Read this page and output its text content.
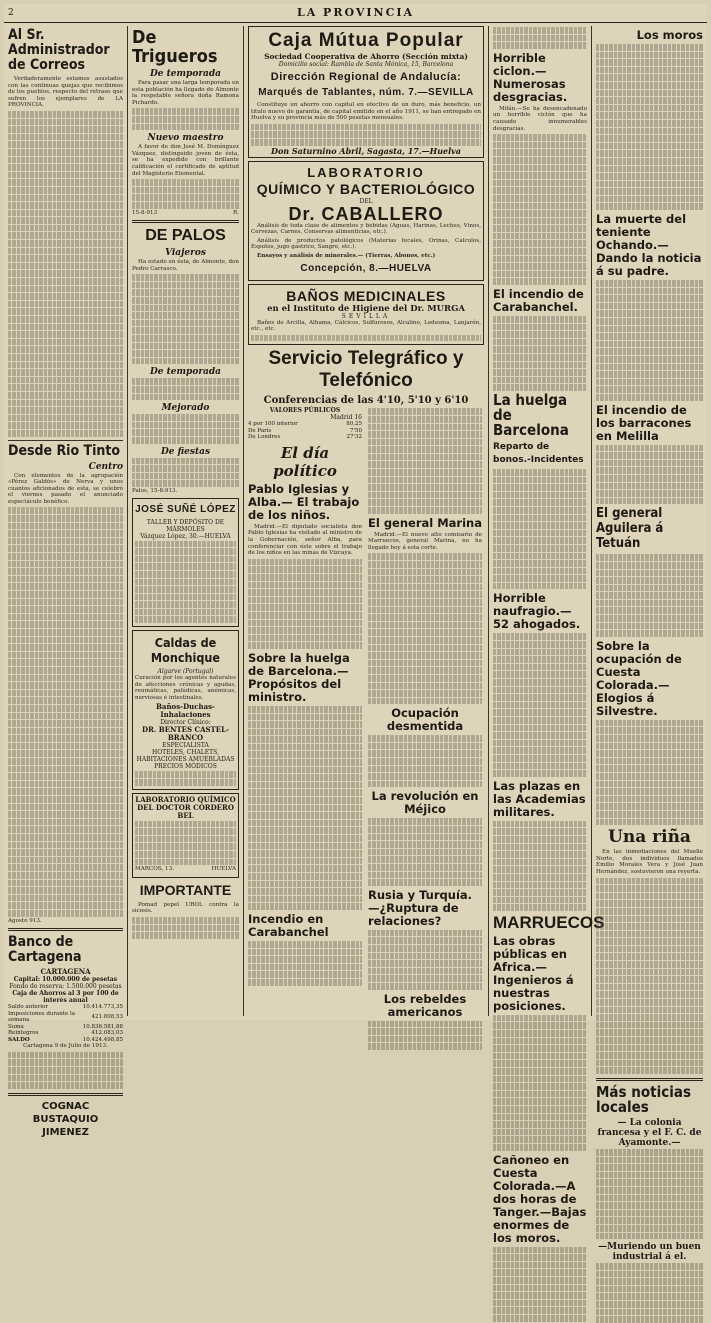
2	LA PROVINCIA
Al Sr. Administrador de Correos

Verdaderamente estamos asustados con las continuas quejas que recibimos de los pueblos, respecto del retraso que sufren los ejemplares de LA PROVINCIA.

Desde Rio Tinto
Centro

Con elementos de la agrupación «Pérez Galdós» de Nerva y unos cuantos aficionados de esta, se celebró el viernes pasado el anunciado espectáculo benéfico.

Agosto 913.

Banco de Cartagena
CARTAGENA
Capital: 10.000.000 de pesetas
Fondo de reserva: 1.500.000 pesetas
Caja de Ahorros al 3 por 100 de interés anual
Saldo anterior	10.414.773,35
Imposiciones durante la semana	421.808,53
Suma	10.836.581,88
Reintegros	412.083,03
SALDO	10.424.498,85

Cartagena 9 de Julio de 1913.

COGNAC BUSTAQUIO JIMENEZ
De Trigueros
De temporada

Para pasar una larga temporada en esta población ha llegado de Almonte la respetable señora doña Ramona Pichardo.

Nuevo maestro

A favor de don José M. Domínguez Vázquez, distinguido joven de ésta, se ha expedido con brillante calificación el certificado de aptitud del Magisterio Elemental.

15-8-913	R.

DE PALOS
Viajeros

Ha estado en ésta, de Almonte, don Pedro Carrasco.

De temporada
Mejorado
De fiestas

Palos, 15-8-913.

JOSÉ SUÑÉ LÓPEZ
TALLER Y DEPÓSITO DE MÁRMOLES
Vázquez López, 30.—HUELVA
Caldas de Monchique
Algarve (Portugal)

Curación por los agentes naturales de afecciones crónicas y agudas, reumáticas, palúdicas, anémicas, nerviosas é intestinales.

Baños-Duchas-Inhalaciones
Director Clínico:
DR. BENTES CASTEL-BRANCO
ESPECIALISTA
HOTELES, CHALETS, HABITACIONES AMUEBLADAS
PRECIOS MÓDICOS
LABORATORIO QUÍMICO DEL DOCTOR CORDERO BEL

MARCOS, 13.	HUELVA

IMPORTANTE

Pomad pepel UROL contra la sicosis.

Caja Mútua Popular
Sociedad Cooperativa de Ahorro (Sección mixta)
Domicilio social: Rambla de Santa Mónica, 15, Barcelona
Dirección Regional de Andalucía:
Marqués de Tablantes, núm. 7.—SEVILLA

Constituye un ahorro con capital en efectivo de un duro, más beneficio, un titulo nuevo de garantía, de capital emitido en el año 1911, se han entregado en Huelva y su provincia más de 500 pesetas mensuales.

Don Saturnino Abril, Sagasta, 17.—Huelva
LABORATORIO
QUÍMICO Y BACTERIOLÓGICO
DEL
Dr. CABALLERO

Análisis de toda clase de alimentos y bebidas (Aguas, Harinas, Leches, Vinos, Cervezas, Carnes, Conservas alimenticias, etc.).

Análisis de productos patológicos (Materias fecales, Orinas, Calculos, Esputos, jugo gástrico, Sangre, etc.).

Ensayos y análisis de minerales.— (Tierras, Abonos, etc.)

Concepción, 8.—HUELVA
BAÑOS MEDICINALES
en el Instituto de Higiene del Dr. MURGA
SEVILLA

Baños de Arcilla, Alhama, Cálcicos, Sulfurosos, Alcalino, Ledesma, Lanjarón, etc., etc.

Servicio Telegráfico y Telefónico
Conferencias de las 4'10, 5'10 y 6'10
VALORES PÚBLICOS
Madrid 16
4 por 100 interior	80,25
De París	7'50
De Londres	27'32
El día político
Pablo Iglesias y Alba.— El trabajo de los niños.

Madrid.—El diputado socialista don Pablo Iglesias ha visitado al ministro de la Gobernación, señor Alba, para conferenciar con éste sobre el trabajo de los niños en las minas de Vizcaya.

Sobre la huelga de Barcelona.—Propósitos del ministro.
Incendio en Carabanchel
El general Marina

Madrid.—El nuevo alto comisario de Marruecos, general Marina, no ha llegado hoy á esta corte.

Ocupación desmentida
La revolución en Méjico
Rusia y Turquía.—¿Ruptura de relaciones?
Los rebeldes americanos
Horrible ciclon.—Numerosas desgracias.

Milán.—Se ha desencadenado un horrible ciclón que ha causado innumerables desgracias.

El incendio de Carabanchel.
La huelga de Barcelona
Reparto de bonos.-Incidentes
Horrible naufragio.—52 ahogados.
Las plazas en las Academias militares.
MARRUECOS
Las obras públicas en Africa.—Ingenieros á nuestras posiciones.
Cañoneo en Cuesta Colorada.—A dos horas de Tanger.—Bajas enormes de los moros.
Los moros
La muerte del teniente Ochando.—Dando la noticia á su padre.
El incendio de los barracones en Melilla
El general Aguilera á Tetuán
Sobre la ocupación de Cuesta Colorada.—Elogios á Silvestre.
Una riña

En las inmediaciones del Muelle Norte, dos individuos llamados Emilio Morales Vera y José Juan Hernández, sostuvieron una reyerta.

Más noticias locales
— La colonia francesa y el F. C. de Ayamonte.—
—Muriendo un buen industrial á el.
